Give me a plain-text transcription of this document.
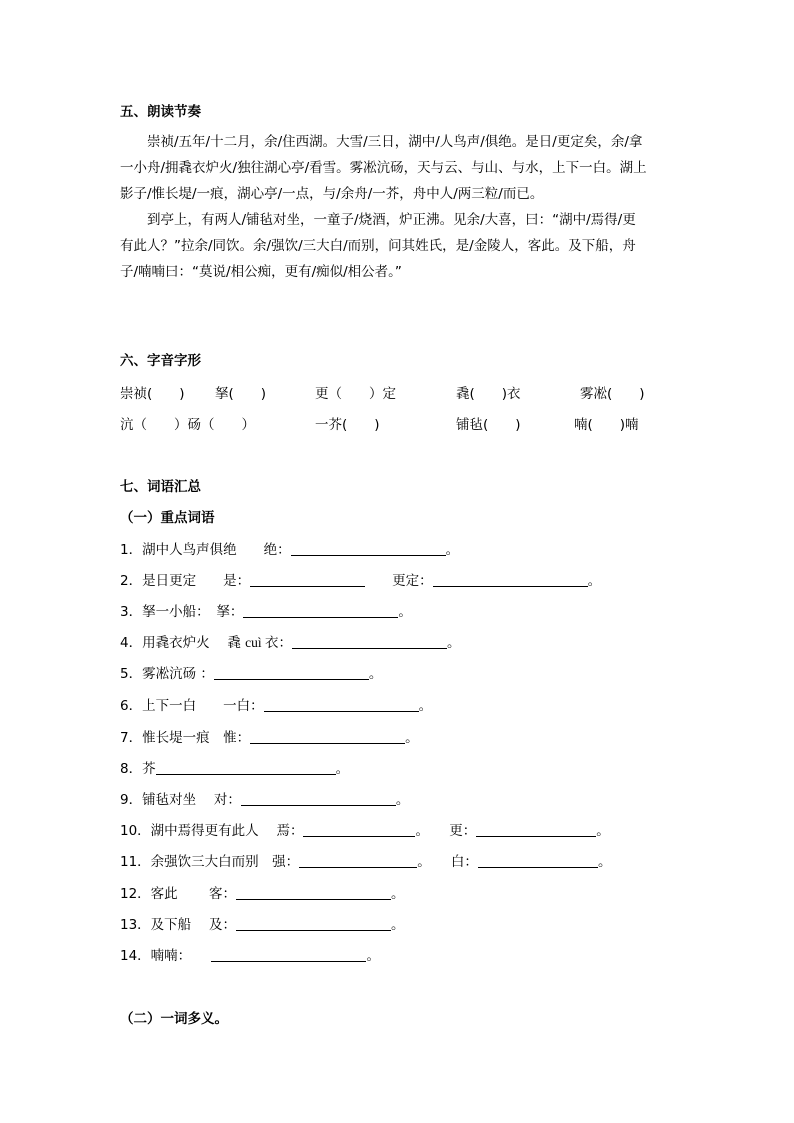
五、朗读节奏

崇祯/五年/十二月，余/住西湖。大雪/三日，湖中/人鸟声/俱绝。是日/更定矣，余/拿

一小舟/拥毳衣炉火/独往湖心亭/看雪。雾凇沆砀，天与云、与山、与水，上下一白。湖上

影子/惟长堤/一痕，湖心亭/一点，与/余舟/一芥，舟中人/两三粒/而已。

到亭上，有两人/铺毡对坐，一童子/烧酒，炉正沸。见余/大喜，曰：“湖中/焉得/更

有此人？”拉余/同饮。余/强饮/三大白/而别，问其姓氏，是/金陵人，客此。及下船，舟

子/喃喃曰：“莫说/相公痴，更有/痴似/相公者。”

六、字音字形
崇祯(　　) 拏(　　)	更（　　）定	毳(　　)衣	雾凇(　　)
沆（　　）砀（　　）	一芥(　　)	铺毡(　　)	喃(　　)喃
七、词语汇总
（一）重点词语
1．湖中人鸟声俱绝　　绝：	。
2．是日更定　　是：	　　更定：	。
3．拏一小船：　拏：	。
4．用毳衣炉火　 毳 cuì 衣：	。
5．雾凇沆砀 ：	。
6．上下一白　　一白：	。
7．惟长堤一痕　惟：	。
8．芥	。
9．铺毡对坐　 对：	。
10．湖中焉得更有此人　 焉：	。　　更：	。
11．余强饮三大白而别　强：	。　　白：	。
12．客此　　 客：	。
13．及下船　 及：	。
14．喃喃：　　	。
（二）一词多义。
